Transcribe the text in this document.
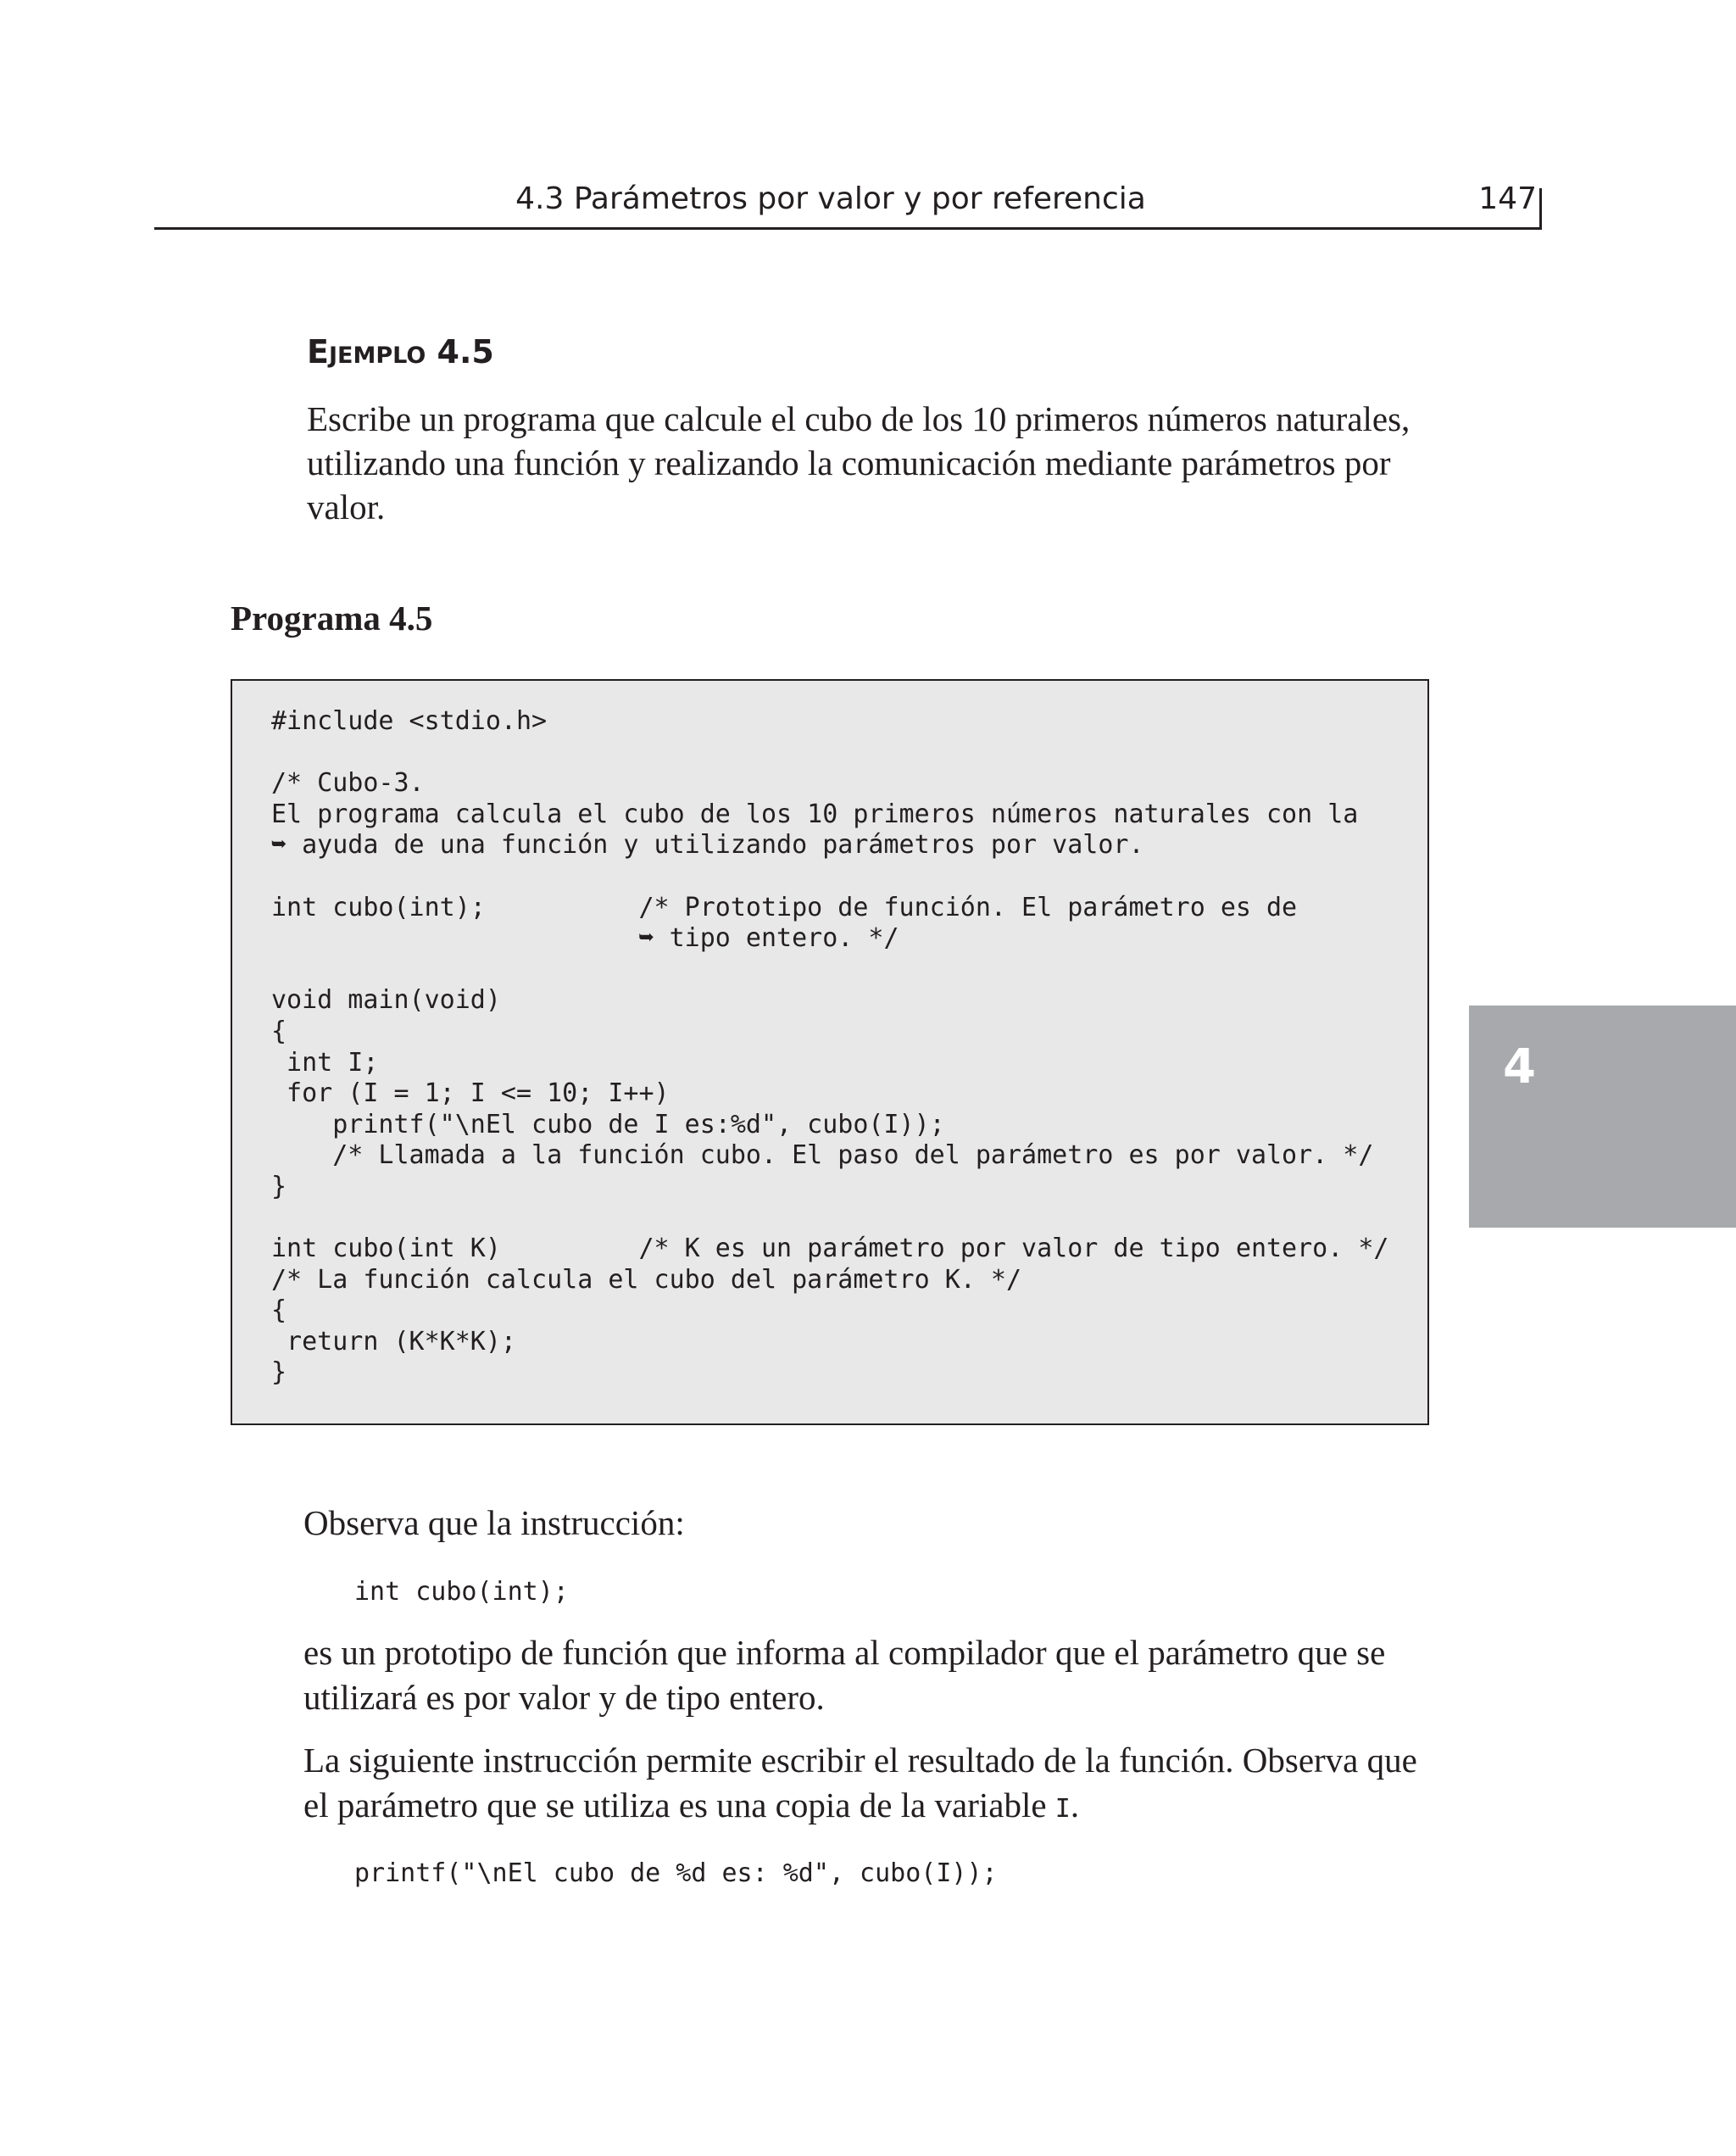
4.3 Parámetros por valor y por referencia	147
Ejemplo 4.5
Escribe un programa que calcule el cubo de los 10 primeros números naturales, utilizando una función y realizando la comunicación mediante parámetros por valor.
Programa 4.5
#include <stdio.h>
/* Cubo-3.
El programa calcula el cubo de los 10 primeros números naturales con la
➥ ayuda de una función y utilizando parámetros por valor.
int cubo(int);          /* Prototipo de función. El parámetro es de
➥ tipo entero. */
void main(void)
{
int I;
for (I = 1; I <= 10; I++)
printf("\nEl cubo de I es:%d", cubo(I));
/* Llamada a la función cubo. El paso del parámetro es por valor. */
}
int cubo(int K)         /* K es un parámetro por valor de tipo entero. */
/* La función calcula el cubo del parámetro K. */
{
return (K*K*K);
}
4

Observa que la instrucción:

int cubo(int);

es un prototipo de función que informa al compilador que el parámetro que se utilizará es por valor y de tipo entero.

La siguiente instrucción permite escribir el resultado de la función. Observa que el parámetro que se utiliza es una copia de la variable I.

printf("\nEl cubo de %d es: %d", cubo(I));
